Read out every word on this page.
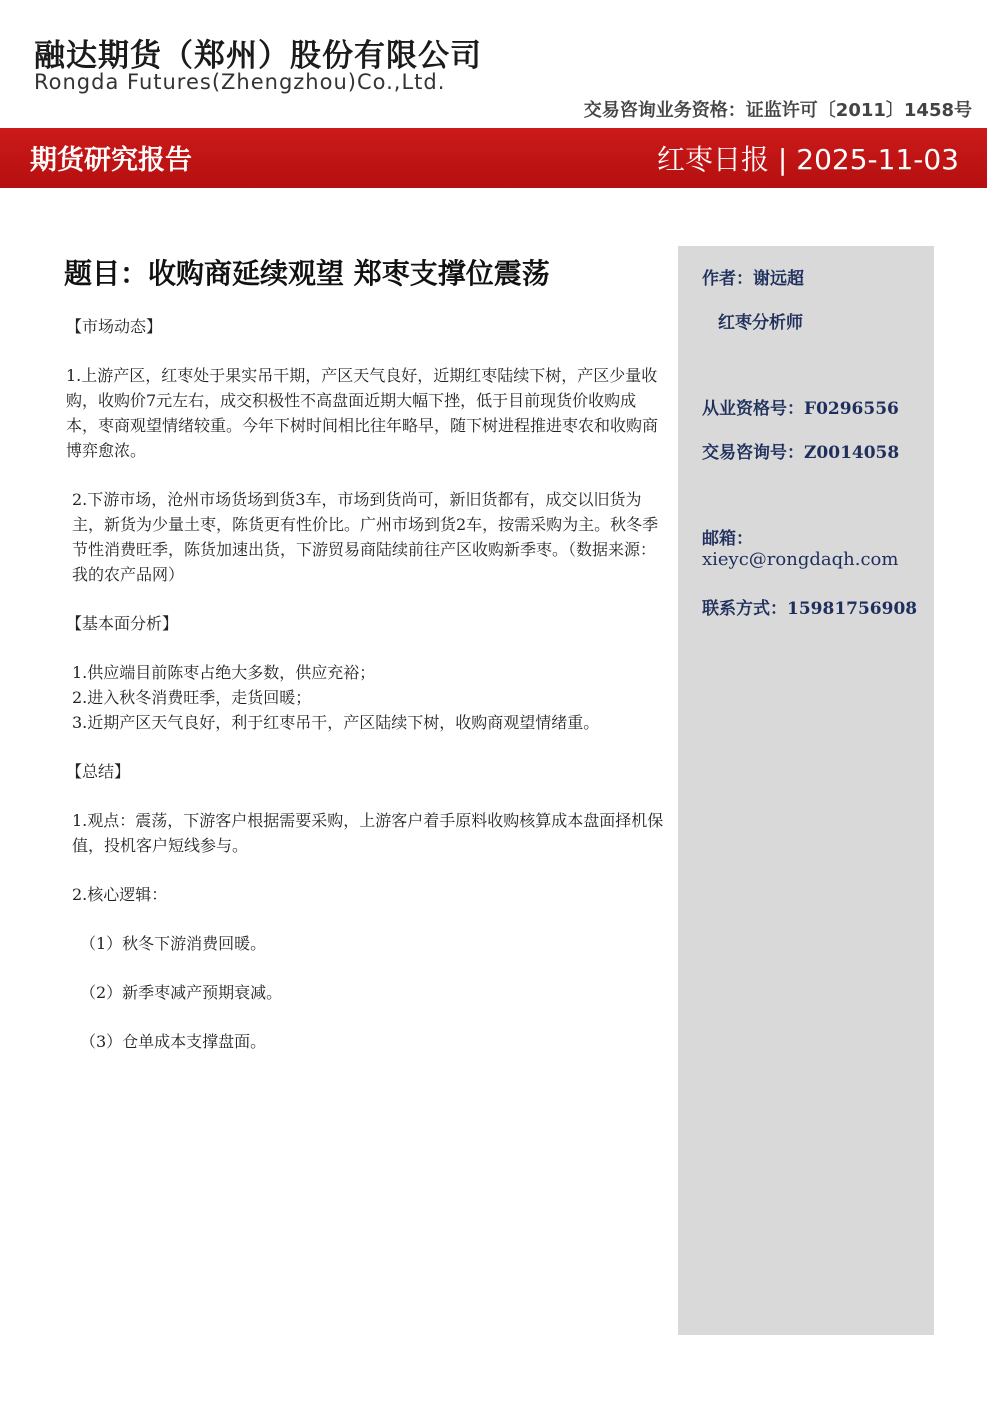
融达期货（郑州）股份有限公司
Rongda Futures(Zhengzhou)Co.,Ltd.
交易咨询业务资格：证监许可〔2011〕1458号
期货研究报告	红枣日报 | 2025-11-03
题目：收购商延续观望 郑枣支撑位震荡

【市场动态】

1.上游产区，红枣处于果实吊干期，产区天气良好，近期红枣陆续下树，产区少量收购，收购价7元左右，成交积极性不高盘面近期大幅下挫，低于目前现货价收购成本，枣商观望情绪较重。今年下树时间相比往年略早，随下树进程推进枣农和收购商博弈愈浓。

2.下游市场，沧州市场货场到货3车，市场到货尚可，新旧货都有，成交以旧货为主，新货为少量土枣，陈货更有性价比。广州市场到货2车，按需采购为主。秋冬季节性消费旺季，陈货加速出货，下游贸易商陆续前往产区收购新季枣。（数据来源：我的农产品网）

【基本面分析】

1.供应端目前陈枣占绝大多数，供应充裕；

2.进入秋冬消费旺季，走货回暖；

3.近期产区天气良好，利于红枣吊干，产区陆续下树，收购商观望情绪重。

【总结】

1.观点：震荡，下游客户根据需要采购，上游客户着手原料收购核算成本盘面择机保值，投机客户短线参与。

2.核心逻辑：

（1）秋冬下游消费回暖。

（2）新季枣减产预期衰减。

（3）仓单成本支撑盘面。

作者：谢远超
红枣分析师
从业资格号：F0296556
交易咨询号：Z0014058
邮箱：
xieyc@rongdaqh.com
联系方式：15981756908
